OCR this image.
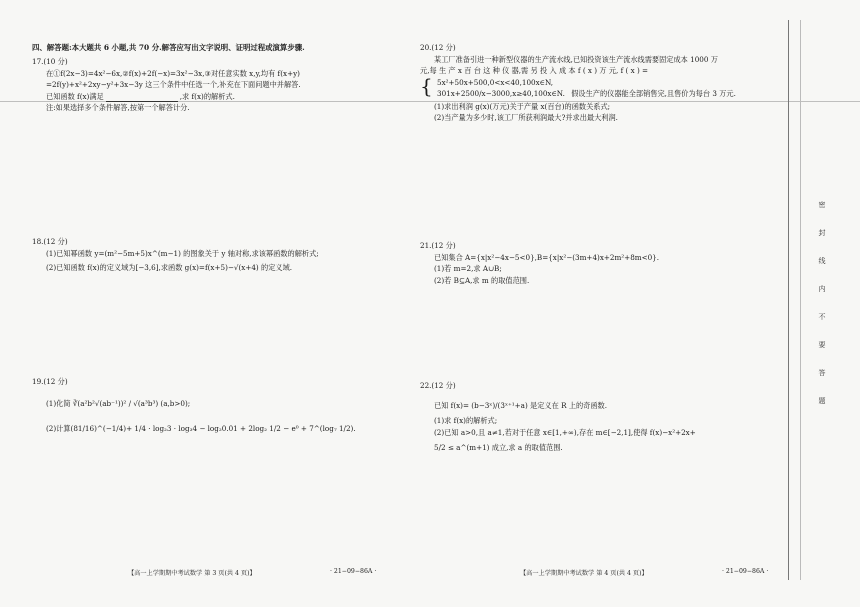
四、解答题:本大题共 6 小题,共 70 分.解答应写出文字说明、证明过程或演算步骤.
17.(10 分)
在①f(2x−3)=4x²−6x,②f(x)+2f(−x)=3x²−3x,③对任意实数 x,y,均有 f(x+y)
=2f(y)+x²+2xy−y²+3x−3y 这三个条件中任选一个,补充在下面问题中并解答.
已知函数 f(x)满足	,求 f(x)的解析式.
注:如果选择多个条件解答,按第一个解答计分.
18.(12 分)
(1)已知幂函数 y=(m²−5m+5)x^(m−1) 的图象关于 y 轴对称,求该幂函数的解析式;
(2)已知函数 f(x)的定义域为[−3,6],求函数 g(x)=f(x+5)−√(x+4) 的定义域.
19.(12 分)
(1)化简 ∛(a²b²√(ab⁻¹))² / √(a³b³) (a,b>0);
(2)计算(81/16)^(−1/4)+ 1/4 · log₂3 · log₃4 − log₂0.01 + 2log₂ 1/2 − e⁰ + 7^(log₇ 1/2).
【高一上学期期中考试数学 第 3 页(共 4 页)】	· 21−09−86A ·
20.(12 分)
某工厂准备引进一种新型仪器的生产流水线,已知投资该生产流水线需要固定成本 1000 万
元,每 生 产 x 百 台 这 种 仪 器,需 另 投 入 成 本 f ( x ) 万 元, f ( x ) =
{ 5x²+50x+500,0<x<40,100x∈N,
301x+2500/x−3000,x≥40,100x∈N. 假设生产的仪器能全部销售完,且售价为每台 3 万元.
(1)求出利润 g(x)(万元)关于产量 x(百台)的函数关系式;
(2)当产量为多少时,该工厂所获利润最大?并求出最大利润.
21.(12 分)
已知集合 A={x|x²−4x−5<0},B={x|x²−(3m+4)x+2m²+8m<0}.
(1)若 m=2,求 A∪B;
(2)若 B⊆A,求 m 的取值范围.
22.(12 分)
已知 f(x)= (b−3ˣ)/(3ˣ⁺¹+a) 是定义在 R 上的奇函数.
(1)求 f(x)的解析式;
(2)已知 a>0,且 a≠1,若对于任意 x∈[1,+∞),存在 m∈[−2,1],使得 f(x)−x²+2x+
5/2 ≤ a^(m+1) 成立,求 a 的取值范围.
【高一上学期期中考试数学 第 4 页(共 4 页)】	· 21−09−86A ·
密
封
线
内
不
要
答
题
